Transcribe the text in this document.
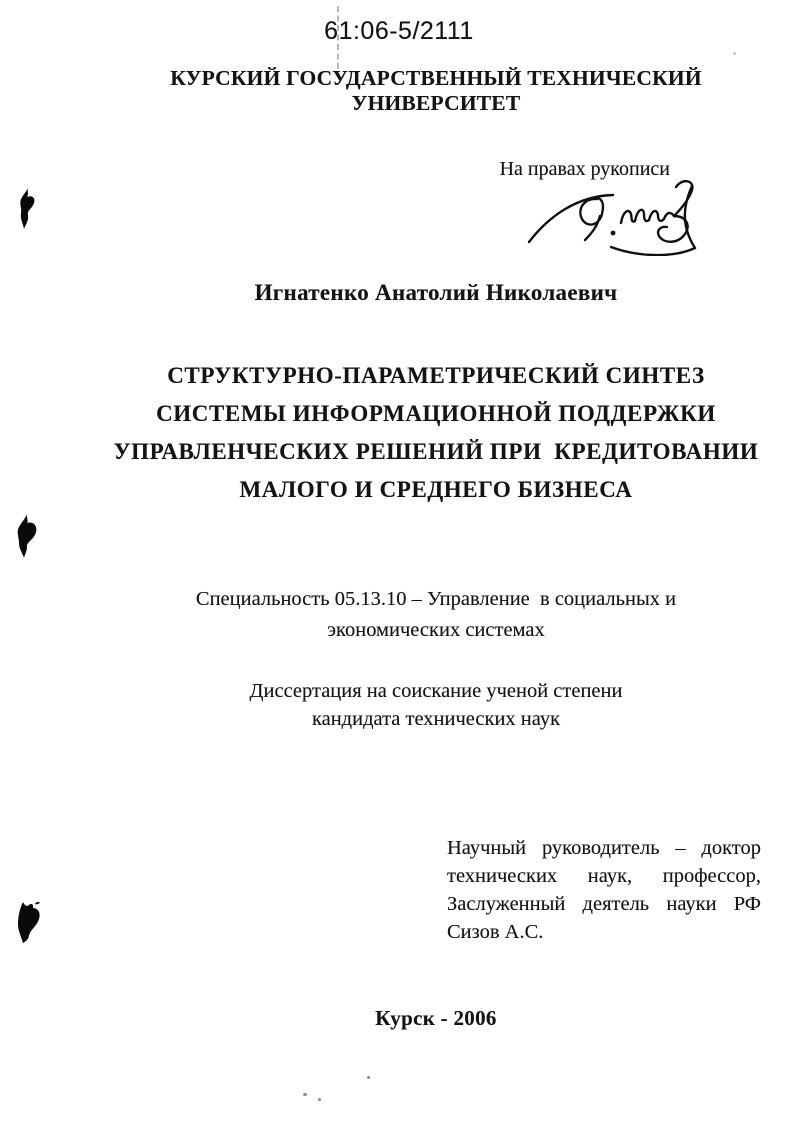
61:06-5/2111
КУРСКИЙ ГОСУДАРСТВЕННЫЙ ТЕХНИЧЕСКИЙ УНИВЕРСИТЕТ
На правах рукописи
Игнатенко Анатолий Николаевич
СТРУКТУРНО-ПАРАМЕТРИЧЕСКИЙ СИНТЕЗ
СИСТЕМЫ ИНФОРМАЦИОННОЙ ПОДДЕРЖКИ
УПРАВЛЕНЧЕСКИХ РЕШЕНИЙ ПРИ  КРЕДИТОВАНИИ
МАЛОГО И СРЕДНЕГО БИЗНЕСА
Специальность 05.13.10 – Управление  в социальных и
экономических системах
Диссертация на соискание ученой степени
кандидата технических наук
Научный руководитель – доктор
технических наук, профессор,
Заслуженный деятель науки РФ
Сизов А.С.
Курск - 2006
